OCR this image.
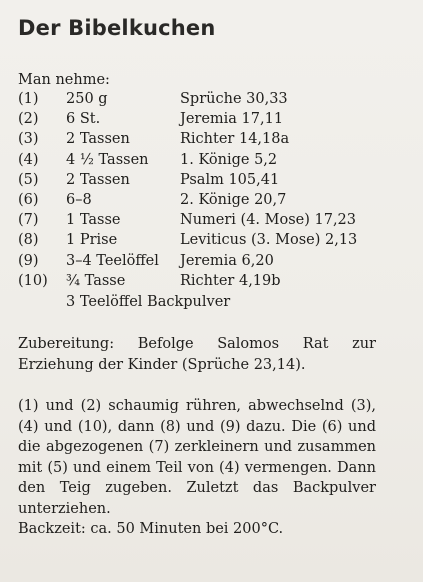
Der Bibelkuchen
Man nehme:
(1)	250 g	Sprüche 30,33
(2)	6 St.	Jeremia 17,11
(3)	2 Tassen	Richter 14,18a
(4)	4 ½ Tassen	1. Könige 5,2
(5)	2 Tassen	Psalm 105,41
(6)	6–8	2. Könige 20,7
(7)	1 Tasse	Numeri (4. Mose) 17,23
(8)	1 Prise	Leviticus (3. Mose) 2,13
(9)	3–4 Teelöffel	Jeremia 6,20
(10)	¾ Tasse	Richter 4,19b
3 Teelöffel Backpulver

Zubereitung: Befolge Salomos Rat zur Erziehung der Kinder (Sprüche 23,14).

(1) und (2) schaumig rühren, abwechselnd (3), (4) und (10), dann (8) und (9) dazu. Die (6) und die abgezogenen (7) zerkleinern und zusammen mit (5) und einem Teil von (4) vermengen. Dann den Teig zugeben. Zuletzt das Backpulver unterziehen.

Backzeit: ca. 50 Minuten bei 200°C.
